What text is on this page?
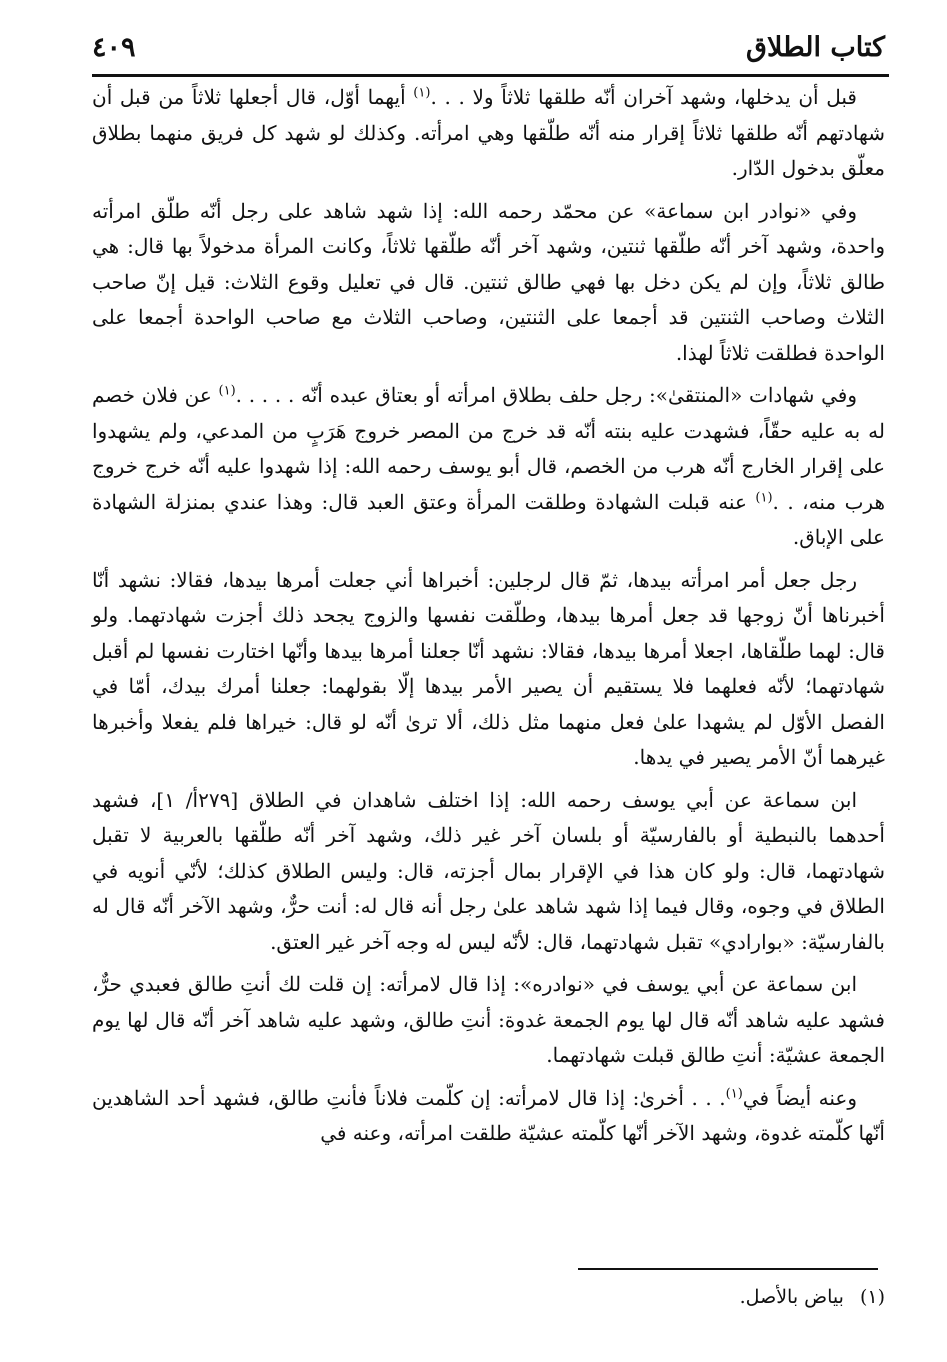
كتاب الطلاق
٤٠٩

قبل أن يدخلها، وشهد آخران أنّه طلقها ثلاثاً ولا . . .$^{(١)}$ أيهما أوّل، قال أجعلها ثلاثاً من قبل أن شهادتهم أنّه طلقها ثلاثاً إقرار منه أنّه طلّقها وهي امرأته. وكذلك لو شهد كل فريق منهما بطلاق معلّق بدخول الدّار.

وفي «نوادر ابن سماعة» عن محمّد رحمه الله: إذا شهد شاهد على رجل أنّه طلّق امرأته واحدة، وشهد آخر أنّه طلّقها ثنتين، وشهد آخر أنّه طلّقها ثلاثاً، وكانت المرأة مدخولاً بها قال: هي طالق ثلاثاً، وإن لم يكن دخل بها فهي طالق ثنتين. قال في تعليل وقوع الثلاث: قيل إنّ صاحب الثلاث وصاحب الثنتين قد أجمعا على الثنتين، وصاحب الثلاث مع صاحب الواحدة أجمعا على الواحدة فطلقت ثلاثاً لهذا.

وفي شهادات «المنتقىٰ»: رجل حلف بطلاق امرأته أو بعتاق عبده أنّه . . . . .$^{(١)}$ عن فلان خصم له به عليه حقّاً، فشهدت عليه بنته أنّه قد خرج من المصر خروج هَرَبٍ من المدعي، ولم يشهدوا على إقرار الخارج أنّه هرب من الخصم، قال أبو يوسف رحمه الله: إذا شهدوا عليه أنّه خرج خروج هرب منه، . .$^{(١)}$ عنه قبلت الشهادة وطلقت المرأة وعتق العبد قال: وهذا عندي بمنزلة الشهادة على الإباق.

رجل جعل أمر امرأته بيدها، ثمّ قال لرجلين: أخبراها أني جعلت أمرها بيدها، فقالا: نشهد أنّا أخبرناها أنّ زوجها قد جعل أمرها بيدها، وطلّقت نفسها والزوج يجحد ذلك أجزت شهادتهما. ولو قال: لهما طلّقاها، اجعلا أمرها بيدها، فقالا: نشهد أنّا جعلنا أمرها بيدها وأنّها اختارت نفسها لم أقبل شهادتهما؛ لأنّه فعلهما فلا يستقيم أن يصير الأمر بيدها إلّا بقولهما: جعلنا أمرك بيدك، أمّا في الفصل الأوّل لم يشهدا علىٰ فعل منهما مثل ذلك، ألا ترىٰ أنّه لو قال: خيراها فلم يفعلا وأخبرها غيرهما أنّ الأمر يصير في يدها.

ابن سماعة عن أبي يوسف رحمه الله: إذا اختلف شاهدان في الطلاق [٢٧٩أ/ ١]، فشهد أحدهما بالنبطية أو بالفارسيّة أو بلسان آخر غير ذلك، وشهد آخر أنّه طلّقها بالعربية لا تقبل شهادتهما، قال: ولو كان هذا في الإقرار بمال أجزته، قال: وليس الطلاق كذلك؛ لأنّي أنويه في الطلاق في وجوه، وقال فيما إذا شهد شاهد علىٰ رجل أنه قال له: أنت حرٌّ، وشهد الآخر أنّه قال له بالفارسيّة: «بوارادي» تقبل شهادتهما، قال: لأنّه ليس له وجه آخر غير العتق.

ابن سماعة عن أبي يوسف في «نوادره»: إذا قال لامرأته: إن قلت لك أنتِ طالق فعبدي حرٌّ، فشهد عليه شاهد أنّه قال لها يوم الجمعة غدوة: أنتِ طالق، وشهد عليه شاهد آخر أنّه قال لها يوم الجمعة عشيّة: أنتِ طالق قبلت شهادتهما.

وعنه أيضاً في$^{(١)}$. . . أخرىٰ: إذا قال لامرأته: إن كلّمت فلاناً فأنتِ طالق، فشهد أحد الشاهدين أنّها كلّمته غدوة، وشهد الآخر أنّها كلّمته عشيّة طلقت امرأته، وعنه في

(١)بياض بالأصل.
